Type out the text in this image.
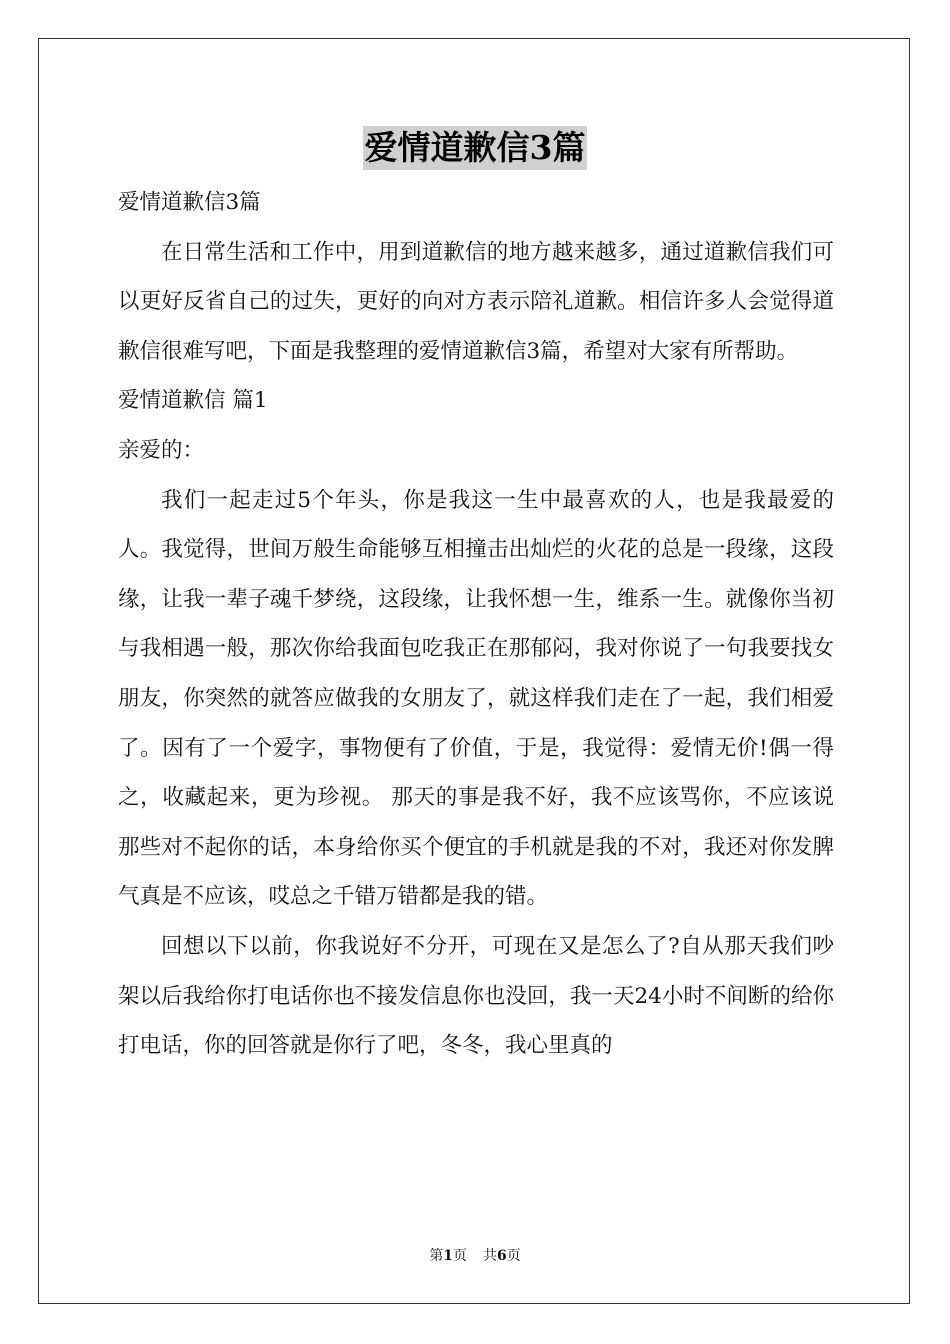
爱情道歉信3篇

爱情道歉信3篇

在日常生活和工作中，用到道歉信的地方越来越多，通过道歉信我们可以更好反省自己的过失，更好的向对方表示陪礼道歉。相信许多人会觉得道歉信很难写吧，下面是我整理的爱情道歉信3篇，希望对大家有所帮助。

爱情道歉信 篇1

亲爱的：

我们一起走过5个年头，你是我这一生中最喜欢的人，也是我最爱的人。我觉得，世间万般生命能够互相撞击出灿烂的火花的总是一段缘，这段缘，让我一辈子魂千梦绕，这段缘，让我怀想一生，维系一生。就像你当初与我相遇一般，那次你给我面包吃我正在那郁闷，我对你说了一句我要找女朋友，你突然的就答应做我的女朋友了，就这样我们走在了一起，我们相爱了。因有了一个爱字，事物便有了价值，于是，我觉得：爱情无价!偶一得之，收藏起来，更为珍视。 那天的事是我不好，我不应该骂你，不应该说那些对不起你的话，本身给你买个便宜的手机就是我的不对，我还对你发脾气真是不应该，哎总之千错万错都是我的错。

回想以下以前，你我说好不分开，可现在又是怎么了?自从那天我们吵架以后我给你打电话你也不接发信息你也没回，我一天24小时不间断的给你打电话，你的回答就是你行了吧，冬冬，我心里真的

第1页 共6页
